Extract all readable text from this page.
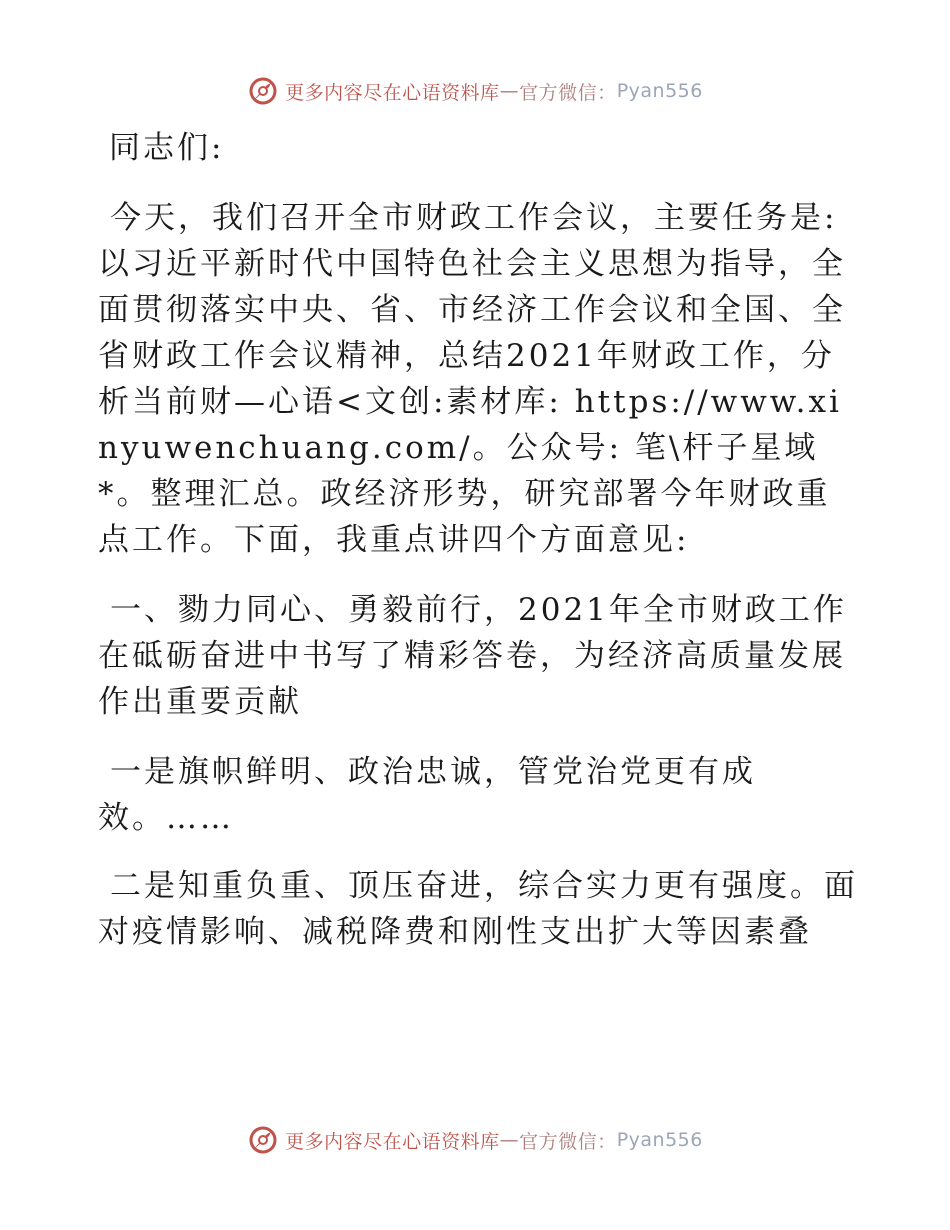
更多内容尽在心语资料库 — 官方微信： Pyan556

同志们:

今天，我们召开全市财政工作会议，主要任务是: 以习近平新时代中国特色社会主义思想为指导，全面贯彻落实中央、省、市经济工作会议和全国、全省财政工作会议精神，总结2021年财政工作，分析当前财—心语<文创:素材库: https://www.xinyuwenchuang.com/。公众号: 笔\杆子星域*。整理汇总。政经济形势，研究部署今年财政重点工作。下面，我重点讲四个方面意见:

一、勠力同心、勇毅前行，2021年全市财政工作在砥砺奋进中书写了精彩答卷，为经济高质量发展作出重要贡献

一是旗帜鲜明、政治忠诚，管党治党更有成效。……

二是知重负重、顶压奋进，综合实力更有强度。面对疫情影响、减税降费和刚性支出扩大等因素叠

更多内容尽在心语资料库 — 官方微信： Pyan556
